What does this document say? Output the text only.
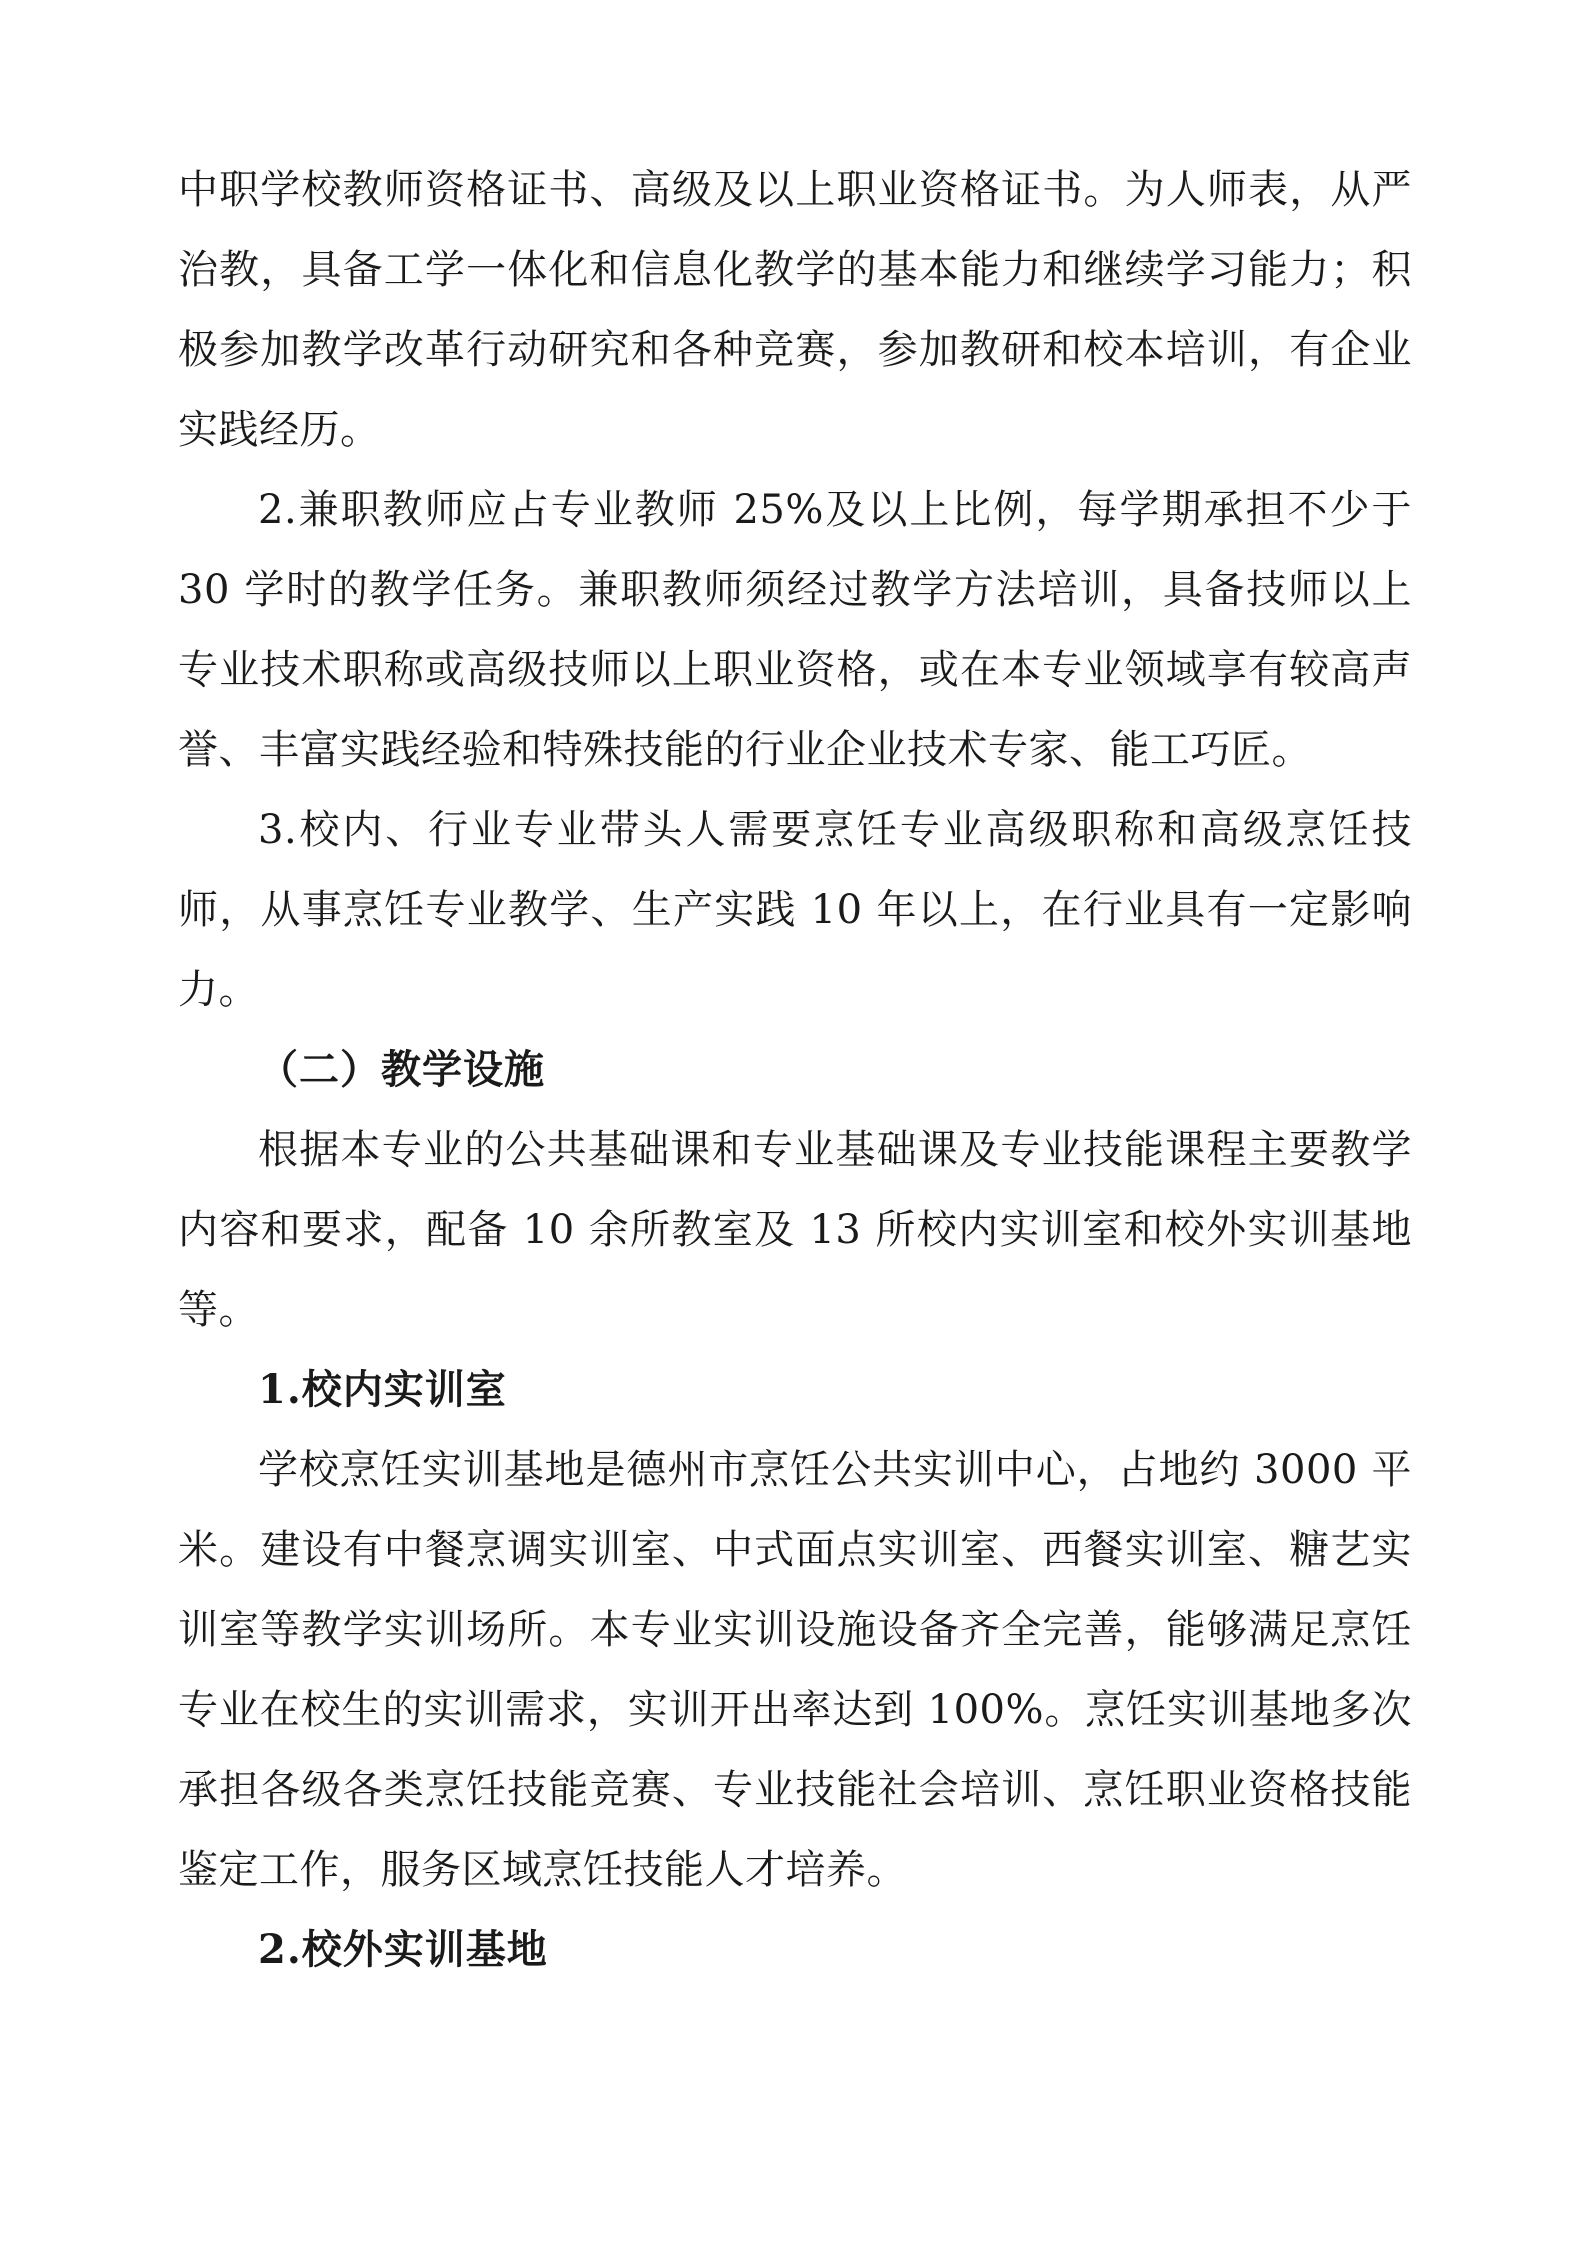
中职学校教师资格证书、高级及以上职业资格证书。为人师表，从严治教，具备工学一体化和信息化教学的基本能力和继续学习能力；积极参加教学改革行动研究和各种竞赛，参加教研和校本培训，有企业实践经历。

2.兼职教师应占专业教师 25%及以上比例，每学期承担不少于 30 学时的教学任务。兼职教师须经过教学方法培训，具备技师以上专业技术职称或高级技师以上职业资格，或在本专业领域享有较高声誉、丰富实践经验和特殊技能的行业企业技术专家、能工巧匠。

3.校内、行业专业带头人需要烹饪专业高级职称和高级烹饪技师，从事烹饪专业教学、生产实践 10 年以上，在行业具有一定影响力。

（二）教学设施

根据本专业的公共基础课和专业基础课及专业技能课程主要教学内容和要求，配备 10 余所教室及 13 所校内实训室和校外实训基地等。

1.校内实训室

学校烹饪实训基地是德州市烹饪公共实训中心，占地约 3000 平米。建设有中餐烹调实训室、中式面点实训室、西餐实训室、糖艺实训室等教学实训场所。本专业实训设施设备齐全完善，能够满足烹饪专业在校生的实训需求，实训开出率达到 100%。烹饪实训基地多次承担各级各类烹饪技能竞赛、专业技能社会培训、烹饪职业资格技能鉴定工作，服务区域烹饪技能人才培养。

2.校外实训基地
